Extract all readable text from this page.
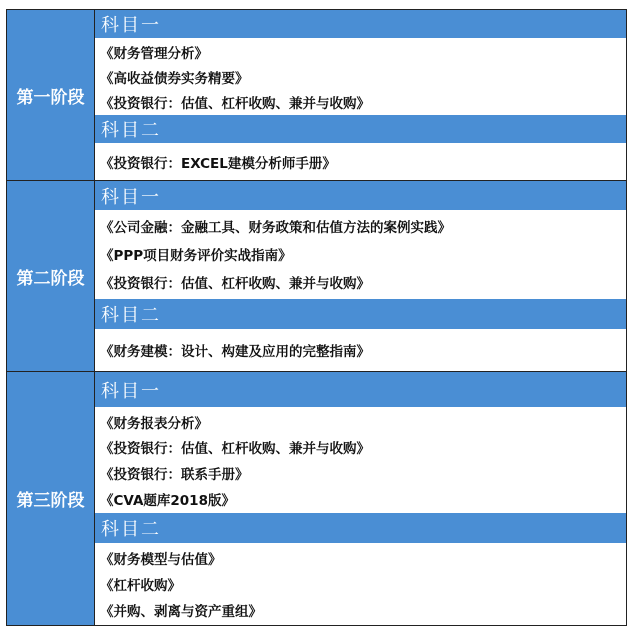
第一阶段
科目一
《财务管理分析》
《高收益债券实务精要》
《投资银行：估值、杠杆收购、兼并与收购》
科目二
《投资银行：EXCEL建模分析师手册》
第二阶段
科目一
《公司金融：金融工具、财务政策和估值方法的案例实践》
《PPP项目财务评价实战指南》
《投资银行：估值、杠杆收购、兼并与收购》
科目二
《财务建模：设计、构建及应用的完整指南》
第三阶段
科目一
《财务报表分析》
《投资银行：估值、杠杆收购、兼并与收购》
《投资银行：联系手册》
《CVA题库2018版》
科目二
《财务模型与估值》
《杠杆收购》
《并购、剥离与资产重组》
